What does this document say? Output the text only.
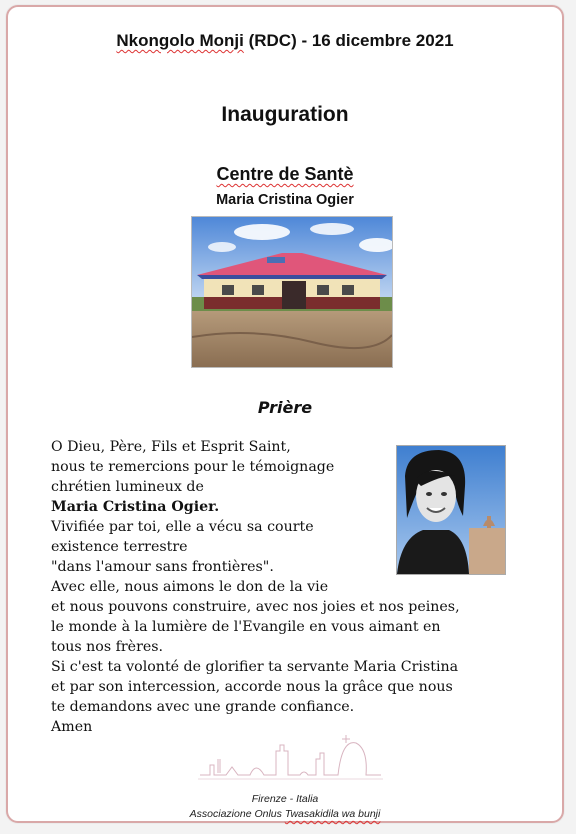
Nkongolo Monji (RDC) - 16 dicembre 2021
Inauguration
Centre de Santè
Maria Cristina Ogier
Prière
O Dieu, Père, Fils et Esprit Saint,
nous te remercions pour le témoignage
chrétien lumineux de
Maria Cristina Ogier.
Vivifiée par toi, elle a vécu sa courte
existence terrestre
"dans l'amour sans frontières".
Avec elle, nous aimons le don de la vie
et nous pouvons construire, avec nos joies et nos peines,
le monde à la lumière de l'Evangile en vous aimant en
tous nos frères.
Si c'est ta volonté de glorifier ta servante Maria Cristina
et par son intercession, accorde nous la grâce que nous
te demandons avec une grande confiance.
Amen
Firenze - Italia
Associazione Onlus Twasakidila wa bunji
